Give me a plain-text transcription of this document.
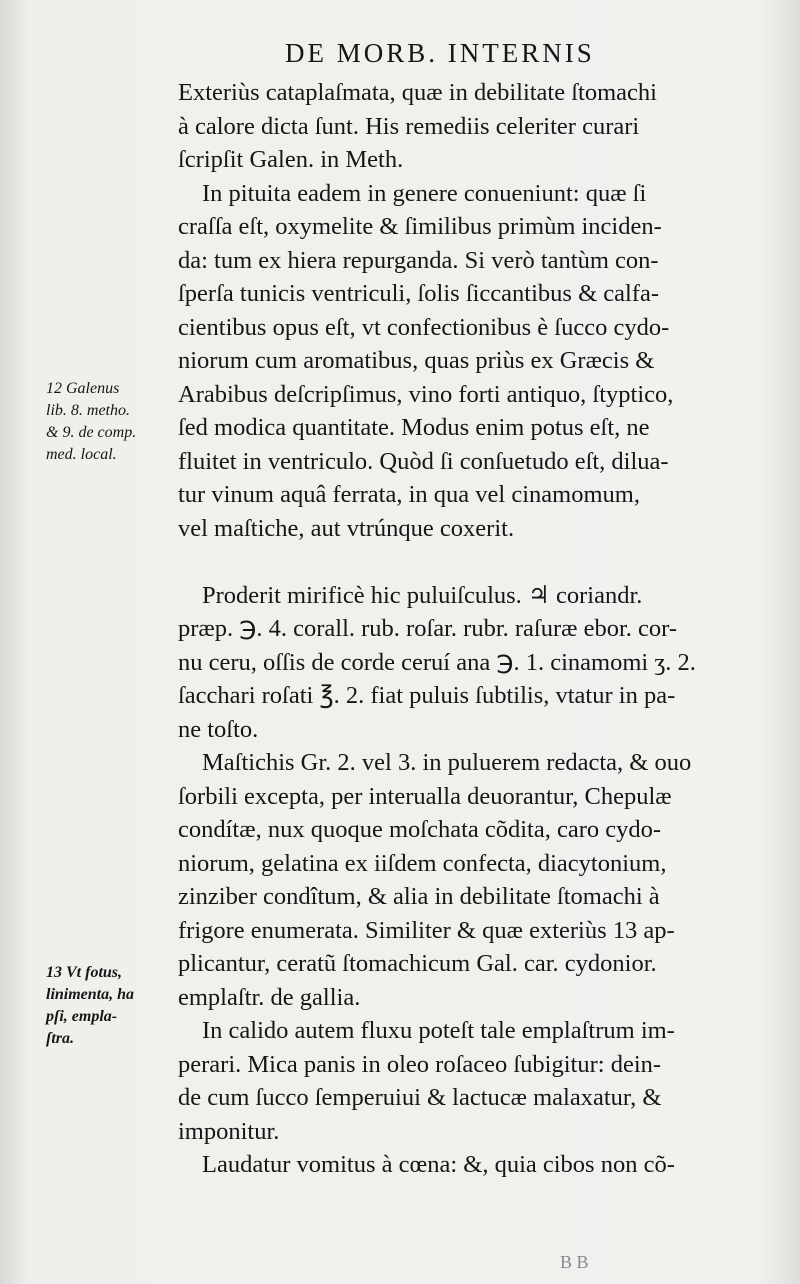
DE MORB. INTERNIS
Exteriùs cataplaſmata, quæ in debilitate ſtomachi
à calore dicta ſunt. His remediis celeriter curari
ſcripſit Galen. in Meth.
In pituita eadem in genere conueniunt: quæ ſi
craſſa eſt, oxymelite & ſimilibus primùm inciden-
da: tum ex hiera repurganda. Si verò tantùm con-
ſperſa tunicis ventriculi, ſolis ſiccantibus & calfa-
cientibus opus eſt, vt confectionibus è ſucco cydo-
niorum cum aromatibus, quas priùs ex Græcis &
Arabibus deſcripſimus, vino forti antiquo, ſtyptico,
ſed modica quantitate. Modus enim potus eſt, ne
fluitet in ventriculo. Quòd ſi conſuetudo eſt, dilua-
tur vinum aquâ ferrata, in qua vel cinamomum,
vel maſtiche, aut vtrúnque coxerit.
Proderit mirificè hic puluiſculus. ♃ coriandr.
præp. ℈. 4. corall. rub. roſar. rubr. raſuræ ebor. cor-
nu ceru, oſſis de corde ceruí ana ℈. 1. cinamomi ʒ. 2.
ſacchari roſati ℥. 2. fiat puluis ſubtilis, vtatur in pa-
ne toſto.
Maſtichis Gr. 2. vel 3. in puluerem redacta, & ouo
ſorbili excepta, per interualla deuorantur, Chepulæ
condítæ, nux quoque moſchata cõdita, caro cydo-
niorum, gelatina ex iiſdem confecta, diacytonium,
zinziber condîtum, & alia in debilitate ſtomachi à
frigore enumerata. Similiter & quæ exteriùs 13 ap-
plicantur, ceratũ ſtomachicum Gal. car. cydonior.
emplaſtr. de gallia.
In calido autem fluxu poteſt tale emplaſtrum im-
perari. Mica panis in oleo roſaceo ſubigitur: dein-
de cum ſucco ſemperuiui & lactucæ malaxatur, &
imponitur.
Laudatur vomitus à cœna: &, quia cibos non cõ-
12 Galenus
lib. 8. metho.
& 9. de comp.
med. local.
13 Vt fotus,
linimenta, ha
pſi, empla-
ſtra.
B B
